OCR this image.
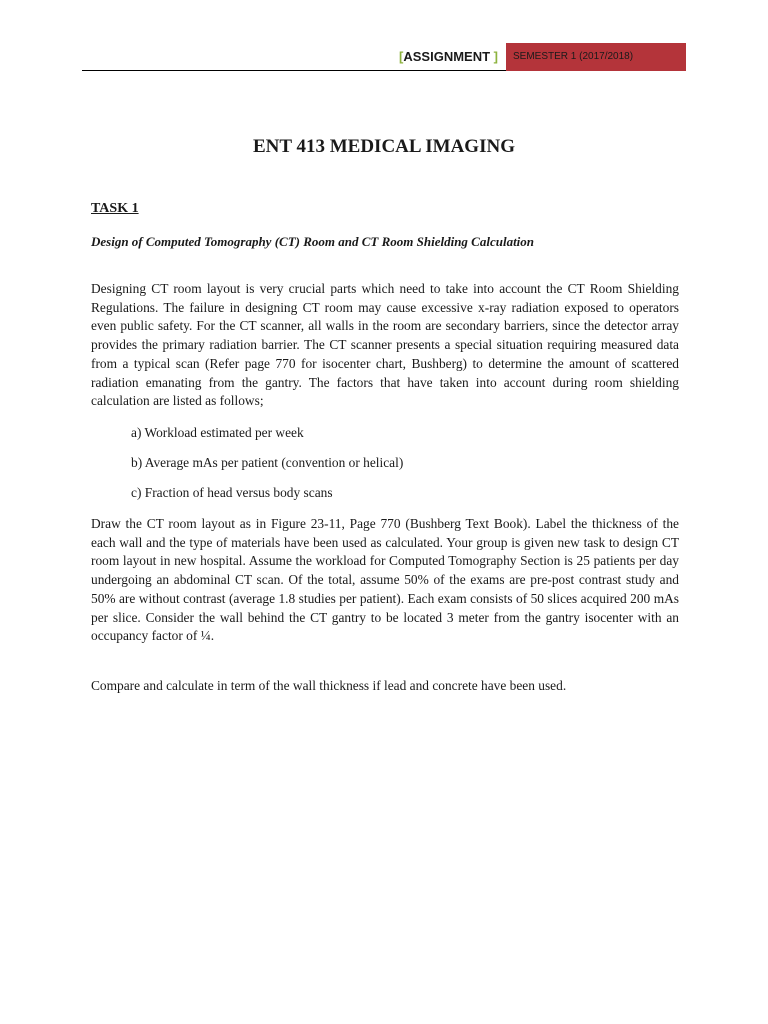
[ASSIGNMENT ]	SEMESTER 1 (2017/2018)
ENT 413 MEDICAL IMAGING
TASK 1
Design of Computed Tomography (CT) Room and CT Room Shielding Calculation

Designing CT room layout is very crucial parts which need to take into account the CT Room Shielding Regulations. The failure in designing CT room may cause excessive x-ray radiation exposed to operators even public safety. For the CT scanner, all walls in the room are secondary barriers, since the detector array provides the primary radiation barrier. The CT scanner presents a special situation requiring measured data from a typical scan (Refer page 770 for isocenter chart, Bushberg) to determine the amount of scattered radiation emanating from the gantry. The factors that have taken into account during room shielding calculation are listed as follows;

a) Workload estimated per week
b) Average mAs per patient (convention or helical)
c) Fraction of head versus body scans

Draw the CT room layout as in Figure 23-11, Page 770 (Bushberg Text Book). Label the thickness of the each wall and the type of materials have been used as calculated. Your group is given new task to design CT room layout in new hospital. Assume the workload for Computed Tomography Section is 25 patients per day undergoing an abdominal CT scan. Of the total, assume 50% of the exams are pre-post contrast study and 50% are without contrast (average 1.8 studies per patient). Each exam consists of 50 slices acquired 200 mAs per slice. Consider the wall behind the CT gantry to be located 3 meter from the gantry isocenter with an occupancy factor of ¼.

Compare and calculate in term of the wall thickness if lead and concrete have been used.
